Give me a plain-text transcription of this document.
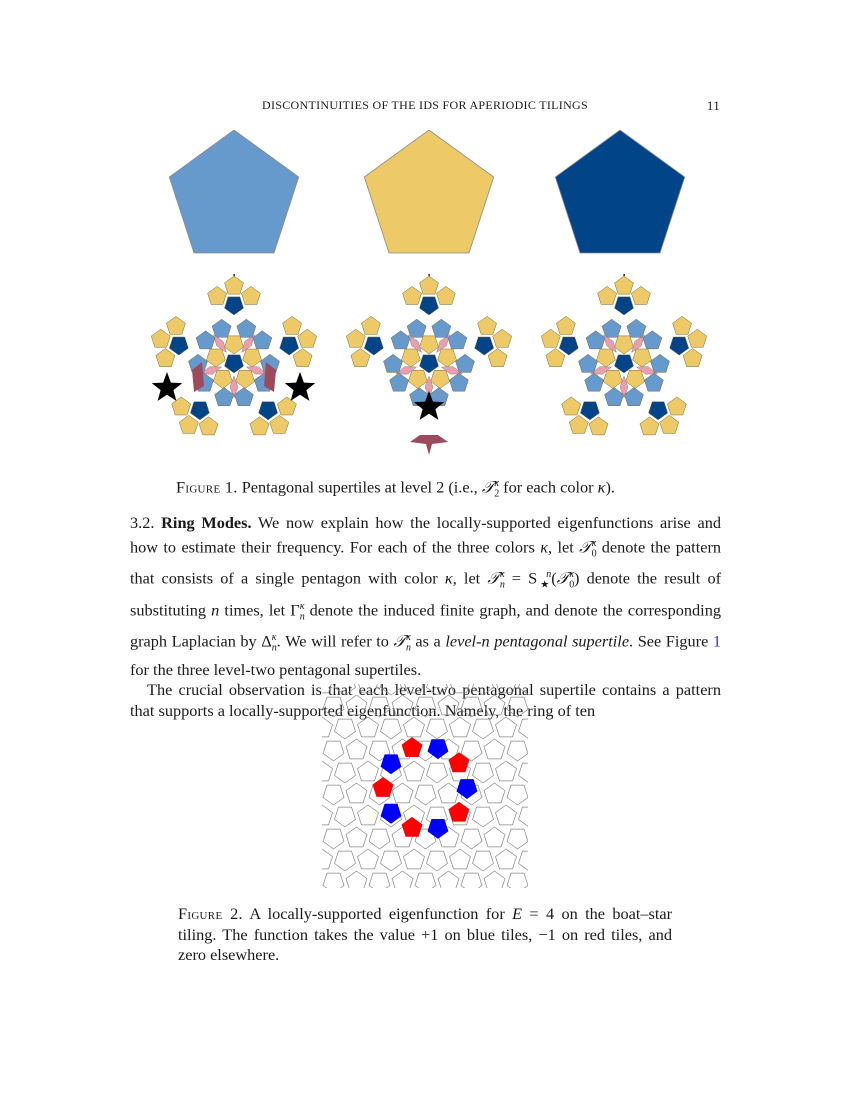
DISCONTINUITIES OF THE IDS FOR APERIODIC TILINGS	11
Figure 1. Pentagonal supertiles at level 2 (i.e., 𝒯$_2^\kappa$ for each color κ).

3.2. Ring Modes. We now explain how the locally-supported eigenfunctions arise and how to estimate their frequency. For each of the three colors κ, let 𝒯$_0^\kappa$ denote the pattern that consists of a single pentagon with color κ, let 𝒯$_n^\kappa$ = $S_★^n(𝒯_0^\kappa)$ denote the result of substituting n times, let $\Gamma_n^\kappa$ denote the induced finite graph, and denote the corresponding graph Laplacian by $\Delta_n^\kappa$. We will refer to 𝒯$_n^\kappa$ as a level-n pentagonal supertile. See Figure 1 for the three level-two pentagonal supertiles.

The crucial observation is that each level-two pentagonal supertile contains a pattern that supports a locally-supported eigenfunction. Namely, the ring of ten

Figure 2. A locally-supported eigenfunction for E = 4 on the boat–star tiling. The function takes the value +1 on blue tiles, −1 on red tiles, and zero elsewhere.
